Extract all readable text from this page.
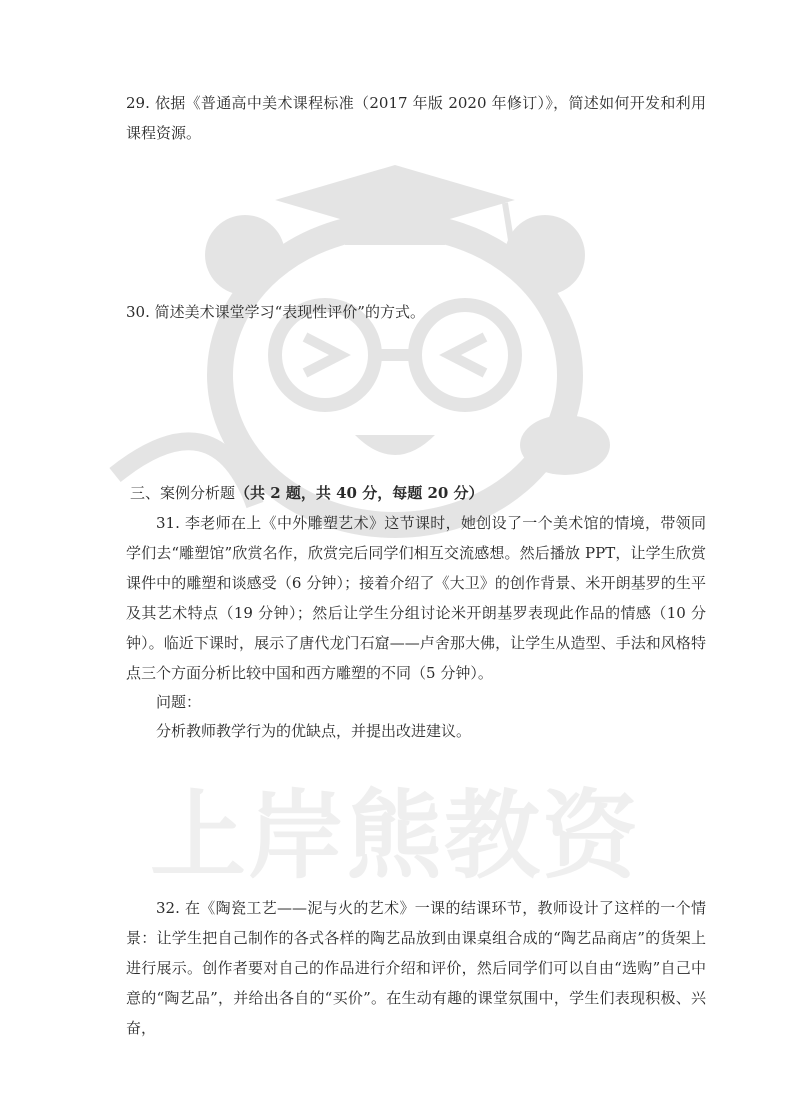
上岸熊教资

29. 依据《普通高中美术课程标准（2017 年版 2020 年修订）》，简述如何开发和利用课程资源。

30. 简述美术课堂学习“表现性评价”的方式。

三、案例分析题（共 2 题，共 40 分，每题 20 分）

31. 李老师在上《中外雕塑艺术》这节课时，她创设了一个美术馆的情境，带领同学们去“雕塑馆”欣赏名作，欣赏完后同学们相互交流感想。然后播放 PPT，让学生欣赏课件中的雕塑和谈感受（6 分钟）；接着介绍了《大卫》的创作背景、米开朗基罗的生平及其艺术特点（19 分钟）；然后让学生分组讨论米开朗基罗表现此作品的情感（10 分钟）。临近下课时，展示了唐代龙门石窟——卢舍那大佛，让学生从造型、手法和风格特点三个方面分析比较中国和西方雕塑的不同（5 分钟）。

问题：

分析教师教学行为的优缺点，并提出改进建议。

32. 在《陶瓷工艺——泥与火的艺术》一课的结课环节，教师设计了这样的一个情景：让学生把自己制作的各式各样的陶艺品放到由课桌组合成的“陶艺品商店”的货架上进行展示。创作者要对自己的作品进行介绍和评价，然后同学们可以自由“选购”自己中意的“陶艺品”，并给出各自的“买价”。在生动有趣的课堂氛围中，学生们表现积极、兴奋，
